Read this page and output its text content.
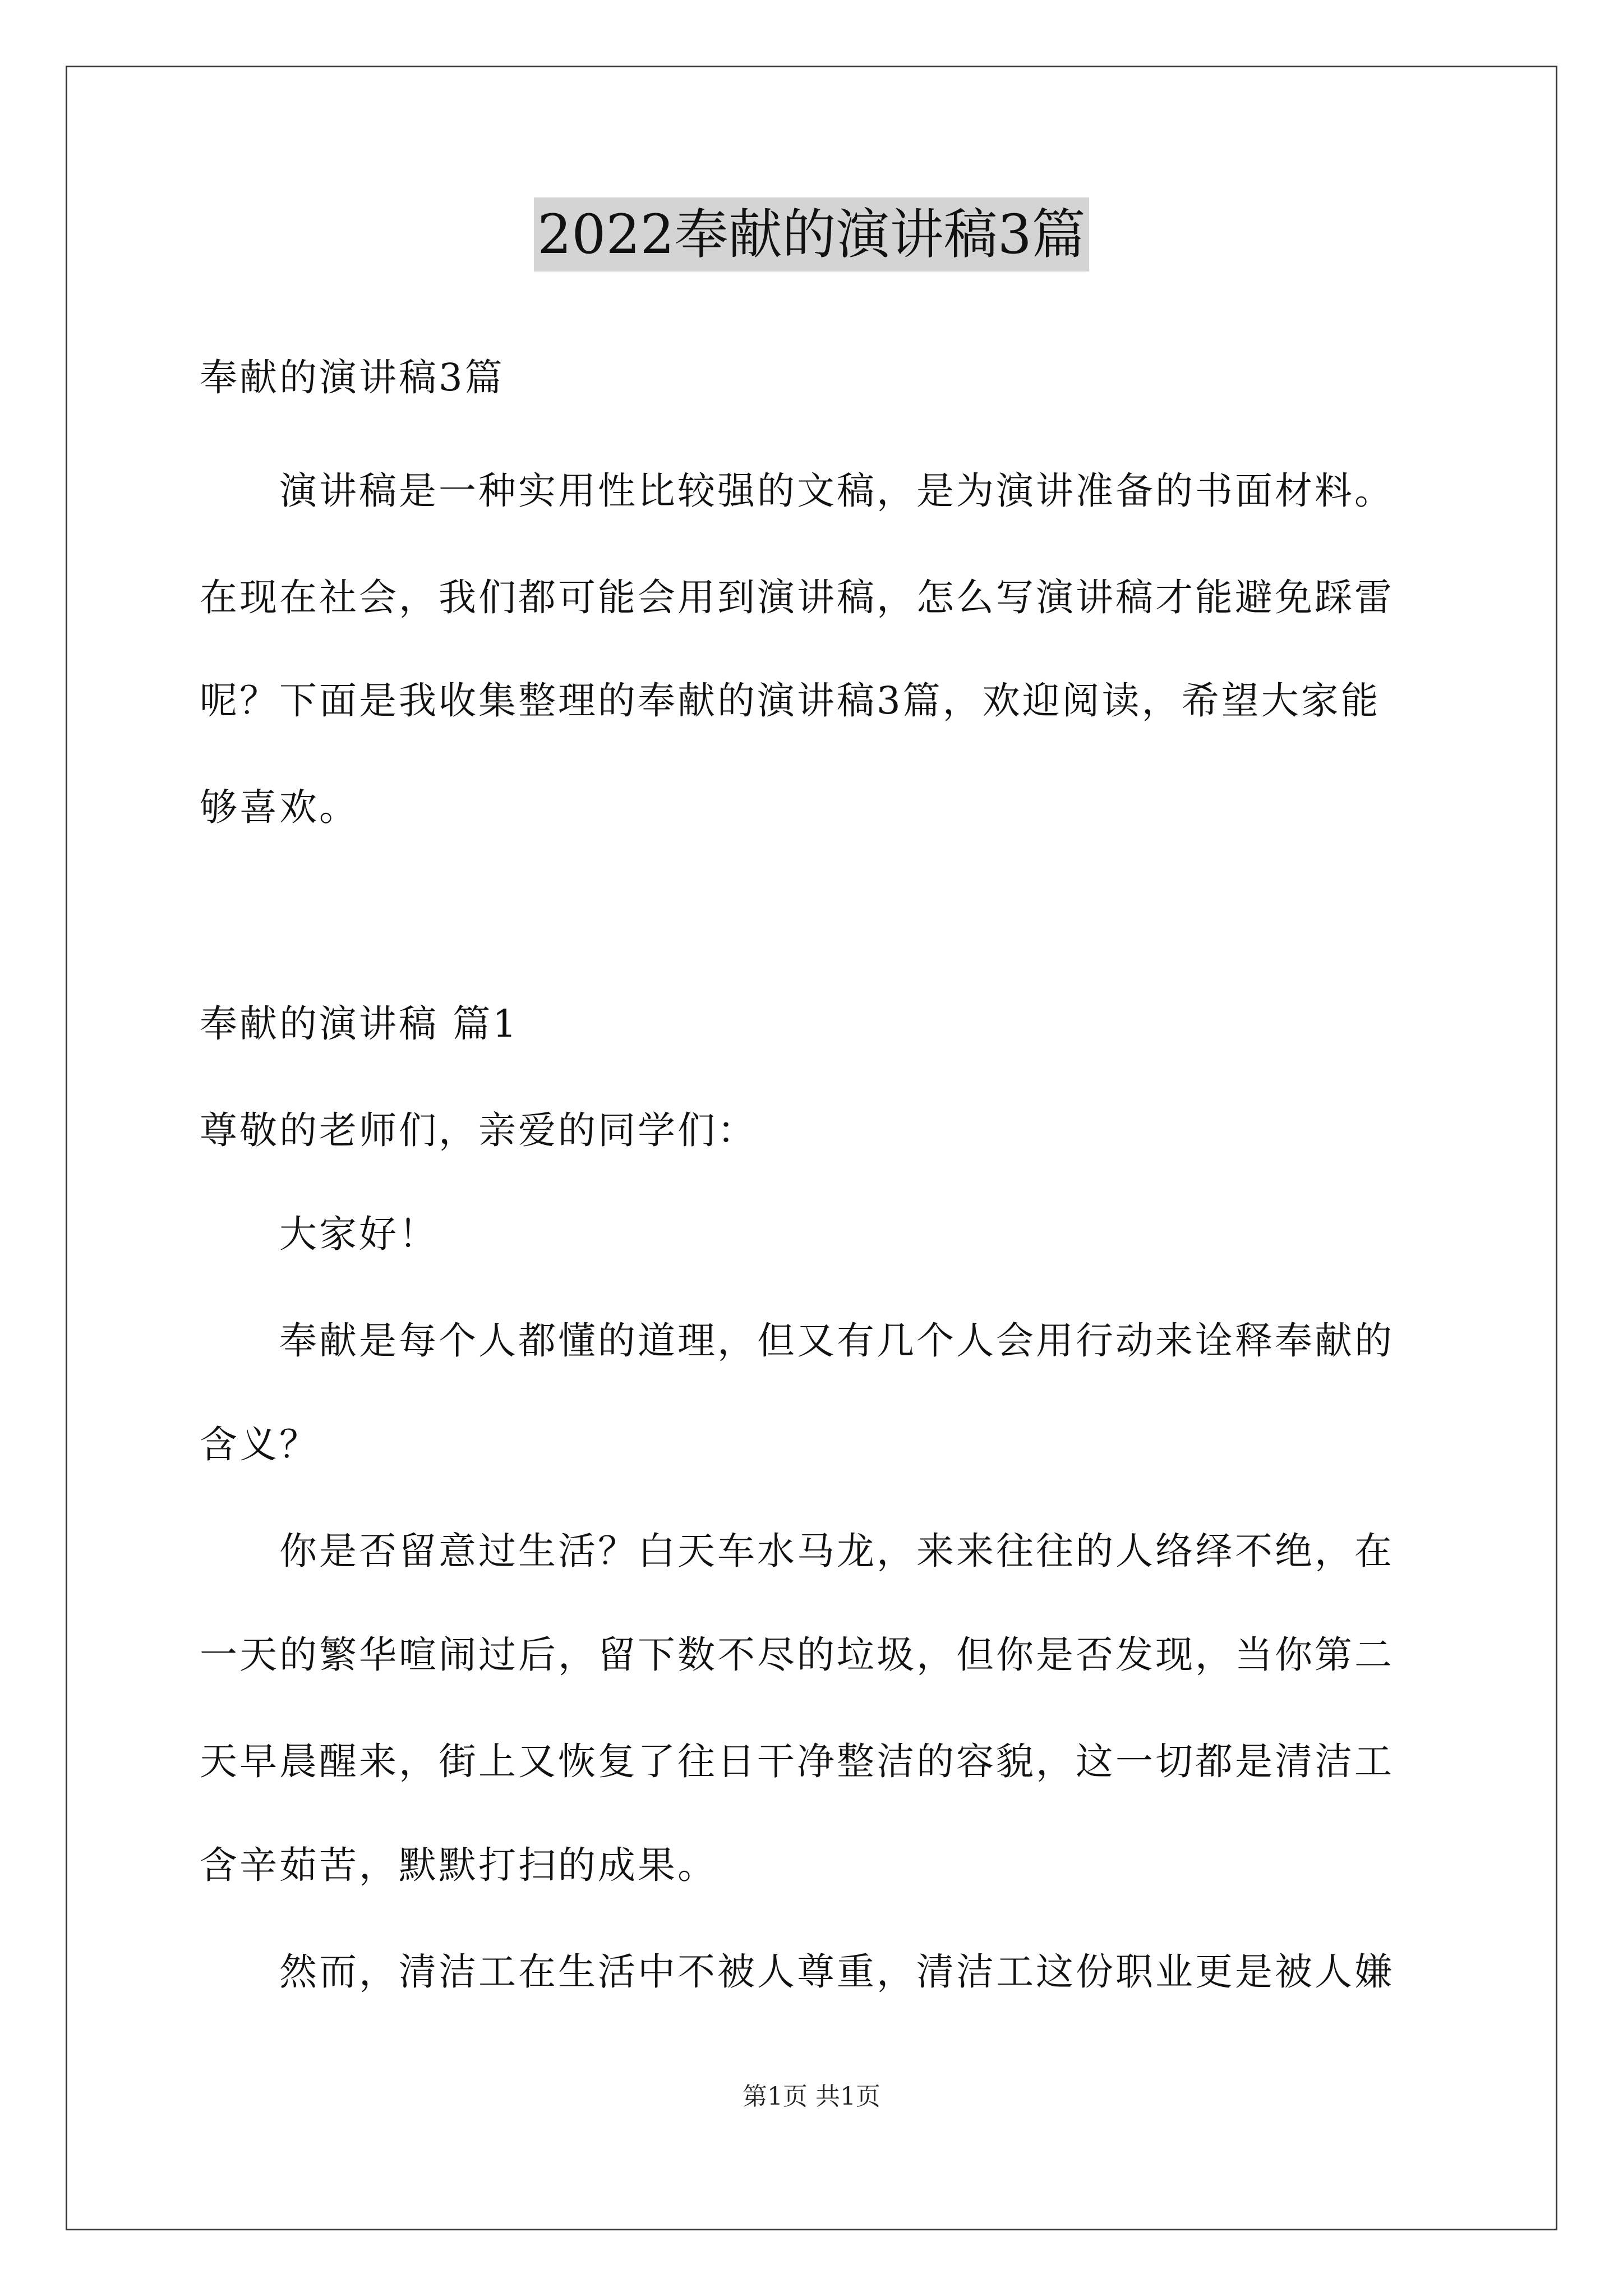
2022奉献的演讲稿3篇
奉献的演讲稿3篇
演讲稿是一种实用性比较强的文稿，是为演讲准备的书面材料。
在现在社会，我们都可能会用到演讲稿，怎么写演讲稿才能避免踩雷
呢？下面是我收集整理的奉献的演讲稿3篇，欢迎阅读，希望大家能
够喜欢。
奉献的演讲稿 篇1
尊敬的老师们，亲爱的同学们：
大家好！
奉献是每个人都懂的道理，但又有几个人会用行动来诠释奉献的
含义？
你是否留意过生活？白天车水马龙，来来往往的人络绎不绝，在
一天的繁华喧闹过后，留下数不尽的垃圾，但你是否发现，当你第二
天早晨醒来，街上又恢复了往日干净整洁的容貌，这一切都是清洁工
含辛茹苦，默默打扫的成果。
然而，清洁工在生活中不被人尊重，清洁工这份职业更是被人嫌
第1页 共1页
